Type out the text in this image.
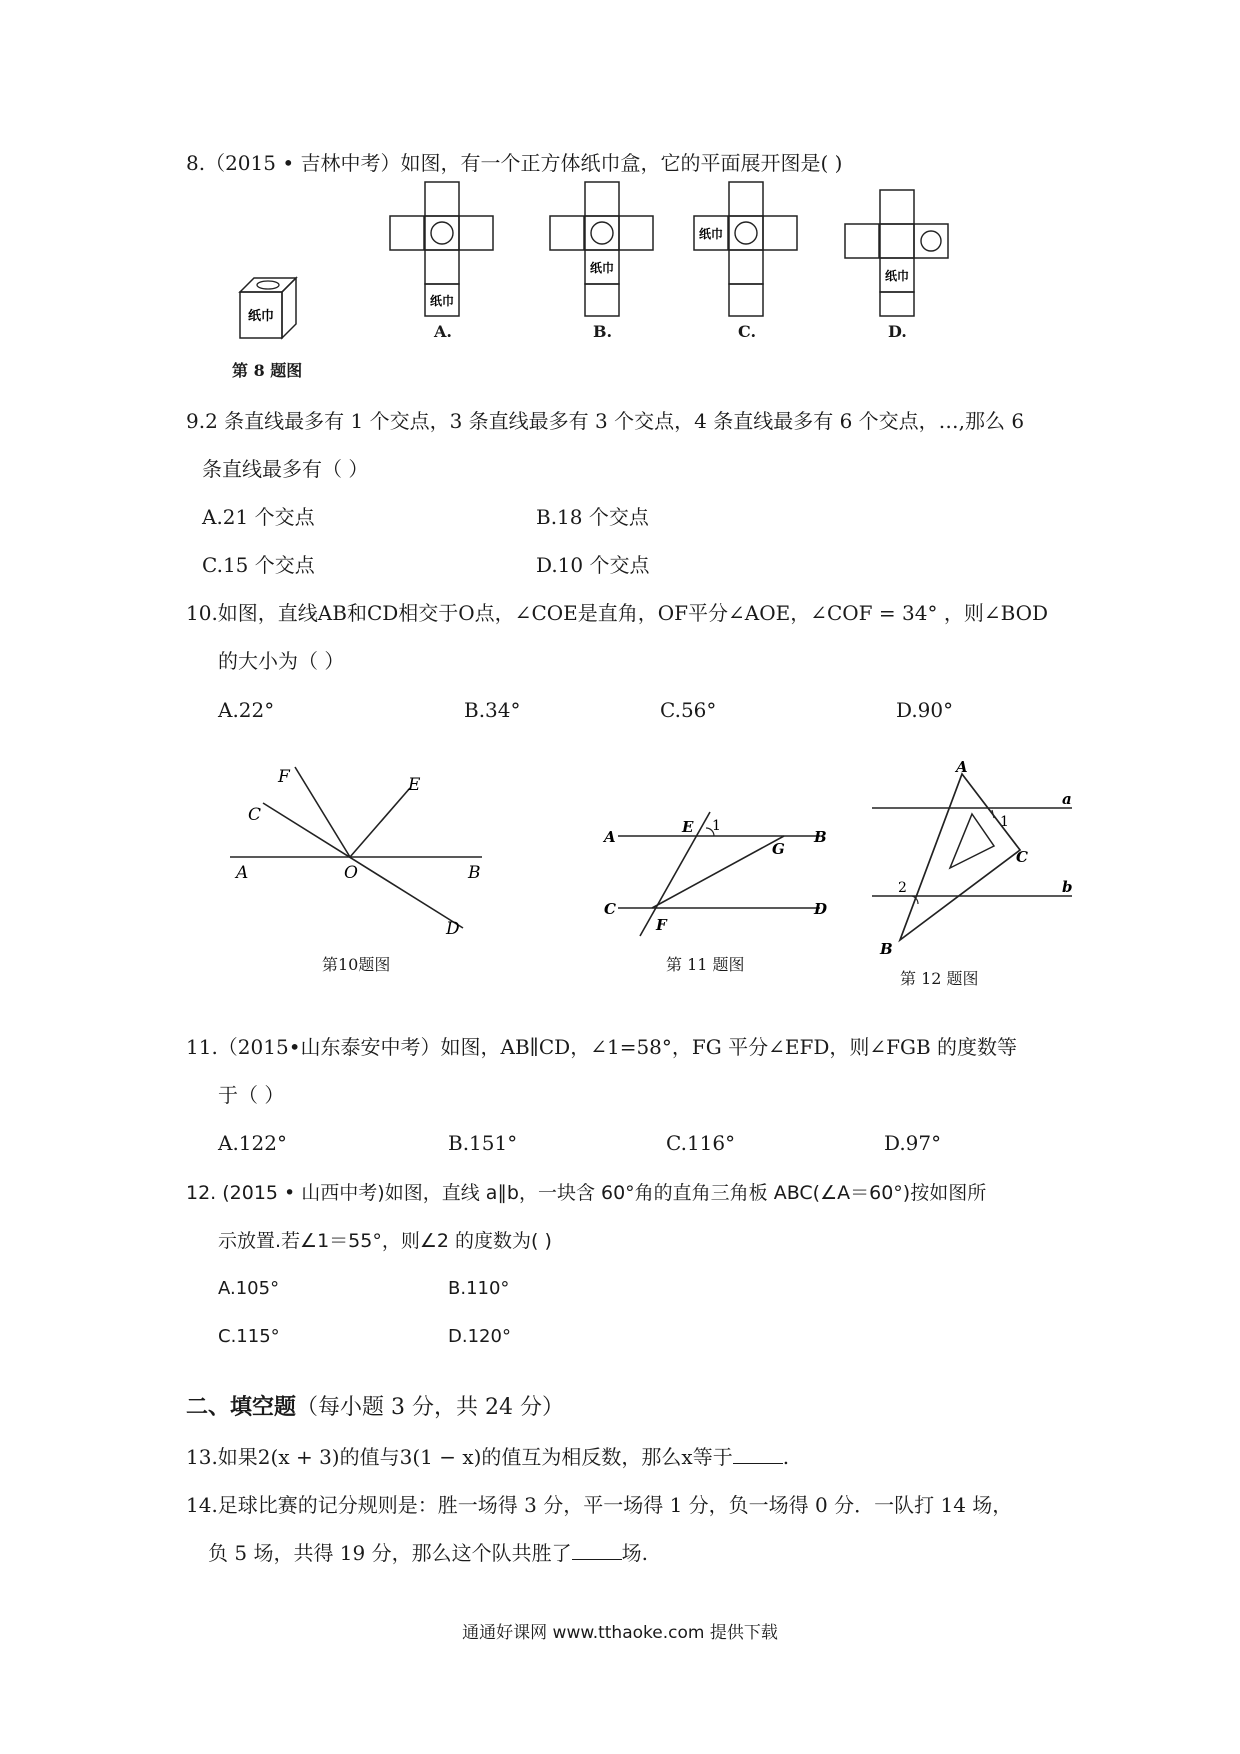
8.（2015 • 吉林中考）如图，有一个正方体纸巾盒，它的平面展开图是( )
纸巾
第 8 题图
纸巾
A.
纸巾
B.
纸巾
C.
纸巾
D.
9.2 条直线最多有 1 个交点，3 条直线最多有 3 个交点，4 条直线最多有 6 个交点，…,那么 6
条直线最多有（ ）
A.21 个交点	B.18 个交点
C.15 个交点	D.10 个交点
10.如图，直线AB和CD相交于O点，∠COE是直角，OF平分∠AOE，∠COF = 34° ，则∠BOD
的大小为（ ）
A.22°	B.34°	C.56°	D.90°
F	E
C
A	O	B
D
第10题图
A
E 1
B
G
C
F
D
第 11 题图
A
1
a
C
2	b
B
第 12 题图
11.（2015•山东泰安中考）如图，AB∥CD，∠1=58°，FG 平分∠EFD，则∠FGB 的度数等
于（ ）
A.122°	B.151°	C.116°	D.97°
12. (2015 • 山西中考)如图，直线 a∥b，一块含 60°角的直角三角板 ABC(∠A＝60°)按如图所
示放置.若∠1＝55°，则∠2 的度数为( )
A.105°	B.110°
C.115°	D.120°
二、填空题（每小题 3 分，共 24 分）
13.如果2(x + 3)的值与3(1 − x)的值互为相反数，那么x等于	.
14.足球比赛的记分规则是：胜一场得 3 分，平一场得 1 分，负一场得 0 分．一队打 14 场，
负 5 场，共得 19 分，那么这个队共胜了	场.
通通好课网 www.tthaoke.com 提供下载
